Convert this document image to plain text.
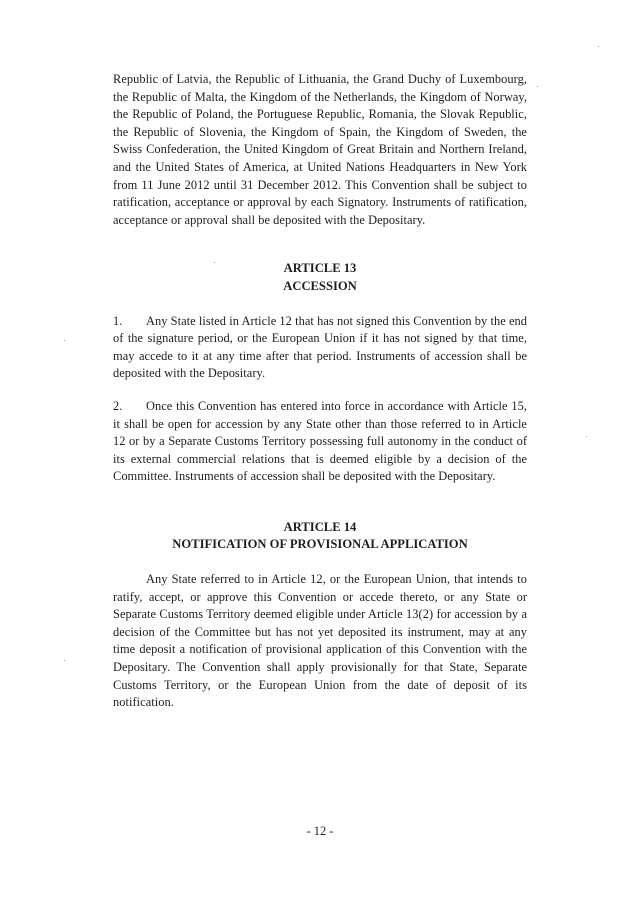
Republic of Latvia, the Republic of Lithuania, the Grand Duchy of Luxembourg, the Republic of Malta, the Kingdom of the Netherlands, the Kingdom of Norway, the Republic of Poland, the Portuguese Republic, Romania, the Slovak Republic, the Republic of Slovenia, the Kingdom of Spain, the Kingdom of Sweden, the Swiss Confederation, the United Kingdom of Great Britain and Northern Ireland, and the United States of America, at United Nations Headquarters in New York from 11 June 2012 until 31 December 2012. This Convention shall be subject to ratification, acceptance or approval by each Signatory. Instruments of ratification, acceptance or approval shall be deposited with the Depositary.

ARTICLE 13

ACCESSION

1. Any State listed in Article 12 that has not signed this Convention by the end of the signature period, or the European Union if it has not signed by that time, may accede to it at any time after that period. Instruments of accession shall be deposited with the Depositary.

2. Once this Convention has entered into force in accordance with Article 15, it shall be open for accession by any State other than those referred to in Article 12 or by a Separate Customs Territory possessing full autonomy in the conduct of its external commercial relations that is deemed eligible by a decision of the Committee. Instruments of accession shall be deposited with the Depositary.

ARTICLE 14

NOTIFICATION OF PROVISIONAL APPLICATION

Any State referred to in Article 12, or the European Union, that intends to ratify, accept, or approve this Convention or accede thereto, or any State or Separate Customs Territory deemed eligible under Article 13(2) for accession by a decision of the Committee but has not yet deposited its instrument, may at any time deposit a notification of provisional application of this Convention with the Depositary. The Convention shall apply provisionally for that State, Separate Customs Territory, or the European Union from the date of deposit of its notification.

- 12 -
